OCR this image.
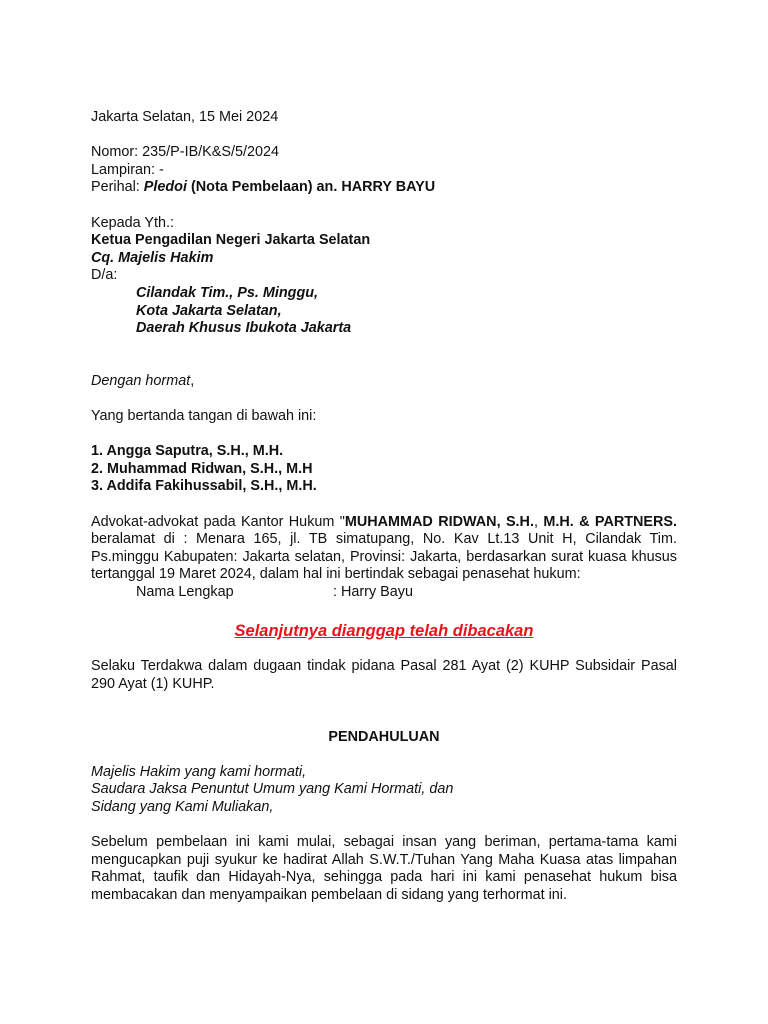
Jakarta Selatan, 15 Mei 2024
Nomor: 235/P-IB/K&S/5/2024
Lampiran: -
Perihal: Pledoi (Nota Pembelaan) an. HARRY BAYU
Kepada Yth.:
Ketua Pengadilan Negeri Jakarta Selatan
Cq. Majelis Hakim
D/a:
Cilandak Tim., Ps. Minggu,
Kota Jakarta Selatan,
Daerah Khusus Ibukota Jakarta
Dengan hormat,
Yang bertanda tangan di bawah ini:
1. Angga Saputra, S.H., M.H.
2. Muhammad Ridwan, S.H., M.H
3. Addifa Fakihussabil, S.H., M.H.
Advokat-advokat pada Kantor Hukum "MUHAMMAD RIDWAN, S.H., M.H. & PARTNERS. beralamat di : Menara 165, jl. TB simatupang, No. Kav Lt.13 Unit H, Cilandak Tim. Ps.minggu Kabupaten: Jakarta selatan, Provinsi: Jakarta, berdasarkan surat kuasa khusus tertanggal 19 Maret 2024, dalam hal ini bertindak sebagai penasehat hukum:
Nama Lengkap	: Harry Bayu
Selanjutnya dianggap telah dibacakan
Selaku Terdakwa dalam dugaan tindak pidana Pasal 281 Ayat (2) KUHP Subsidair Pasal 290 Ayat (1) KUHP.
PENDAHULUAN
Majelis Hakim yang kami hormati,
Saudara Jaksa Penuntut Umum yang Kami Hormati, dan
Sidang yang Kami Muliakan,
Sebelum pembelaan ini kami mulai, sebagai insan yang beriman, pertama-tama kami mengucapkan puji syukur ke hadirat Allah S.W.T./Tuhan Yang Maha Kuasa atas limpahan Rahmat, taufik dan Hidayah-Nya, sehingga pada hari ini kami penasehat hukum bisa membacakan dan menyampaikan pembelaan di sidang yang terhormat ini.
